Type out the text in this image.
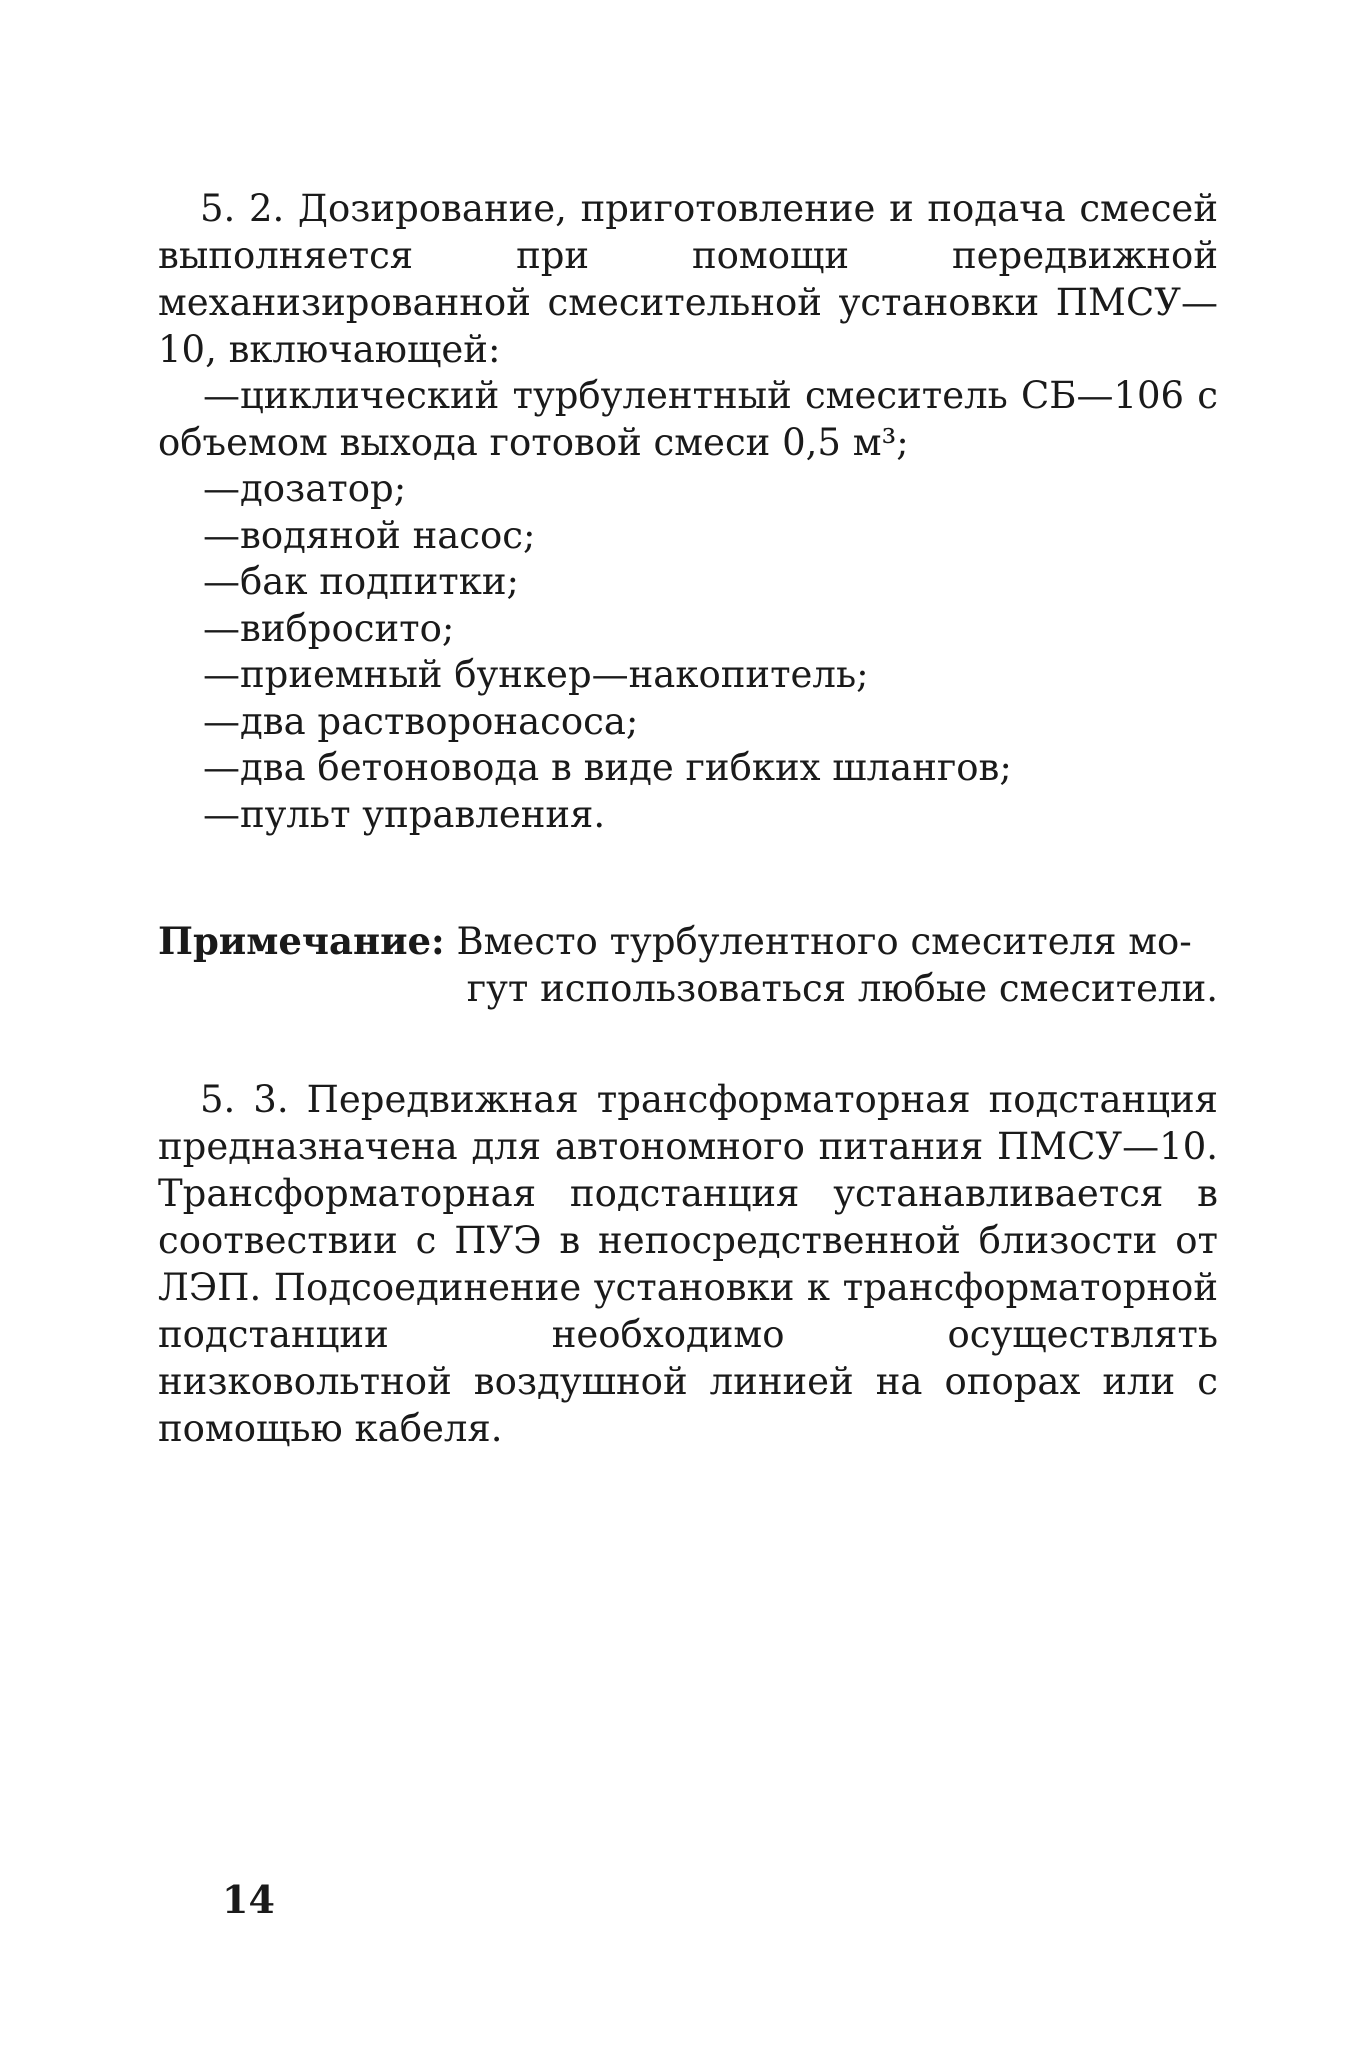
5. 2. Дозирование, приготовление и подача смесей выполняется при помощи передвижной механизированной смесительной установки ПМСУ—10, включающей:

—циклический турбулентный смеситель СБ—106 с объемом выхода готовой смеси 0,5 м³;
—дозатор;
—водяной насос;
—бак подпитки;
—вибросито;
—приемный бункер—накопитель;
—два растворонасоса;
—два бетоновода в виде гибких шлангов;
—пульт управления.
Примечание: Вместо турбулентного смесителя мо-
гут использоваться любые смесители.

5. 3. Передвижная трансформаторная подстанция предназначена для автономного питания ПМСУ—10. Трансформаторная подстанция устанавливается в соотвествии с ПУЭ в непосредственной близости от ЛЭП. Подсоединение установки к трансформаторной подстанции необходимо осуществлять низковольтной воздушной линией на опорах или с помощью кабеля.

14
